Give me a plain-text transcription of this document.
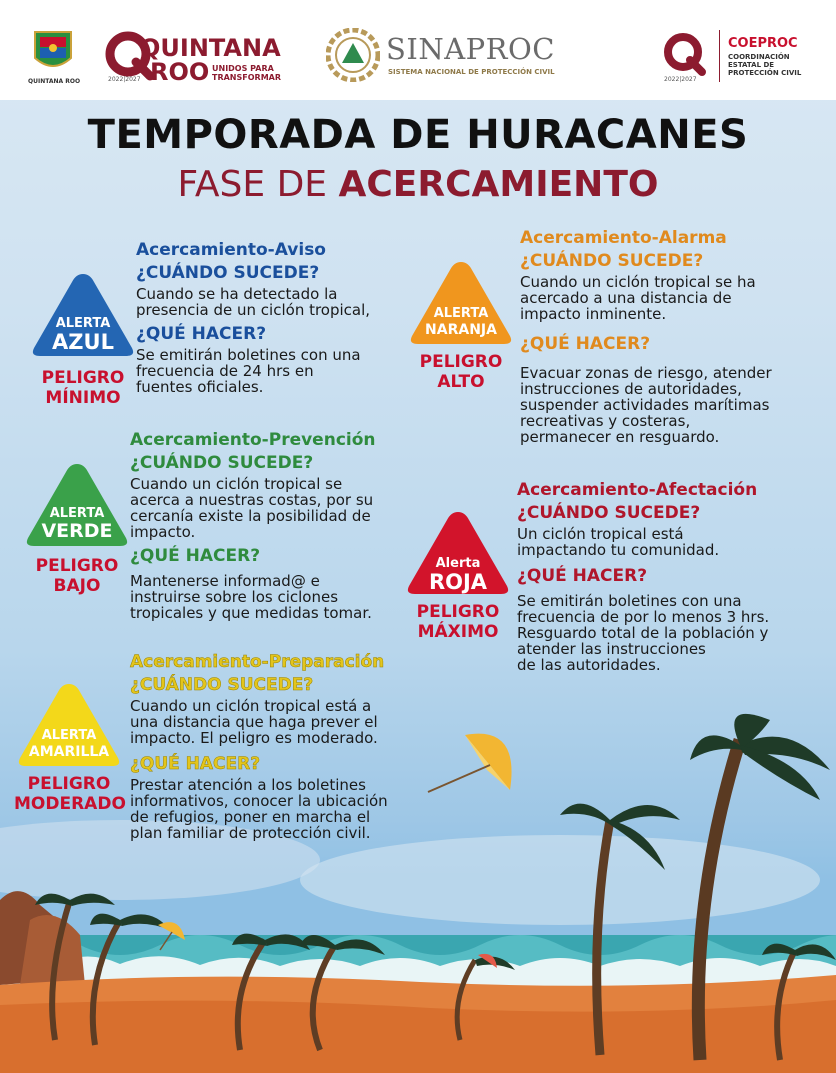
QUINTANA ROO
QUINTANA
ROO UNIDOS PARA
TRANSFORMAR
2022|2027
SINAPROC
SISTEMA NACIONAL DE PROTECCIÓN CIVIL
2022|2027
COEPROC
COORDINACIÓN
ESTATAL DE
PROTECCIÓN CIVIL
TEMPORADA DE HURACANES
FASE DE ACERCAMIENTO
ALERTA
AZUL
PELIGRO
MÍNIMO
Acercamiento-Aviso
¿CUÁNDO SUCEDE?
Cuando se ha detectado la
presencia de un ciclón tropical,
¿QUÉ HACER?
Se emitirán boletines con una
frecuencia de 24 hrs en
fuentes oficiales.
ALERTA
NARANJA
PELIGRO
ALTO
Acercamiento-Alarma
¿CUÁNDO SUCEDE?
Cuando un ciclón tropical se ha
acercado a una distancia de
impacto inminente.
¿QUÉ HACER?
Evacuar zonas de riesgo, atender
instrucciones de autoridades,
suspender actividades marítimas
recreativas y costeras,
permanecer en resguardo.
ALERTA
VERDE
PELIGRO
BAJO
Acercamiento-Prevención
¿CUÁNDO SUCEDE?
Cuando un ciclón tropical se
acerca a nuestras costas, por su
cercanía existe la posibilidad de
impacto.
¿QUÉ HACER?
Mantenerse informad@ e
instruirse sobre los ciclones
tropicales y que medidas tomar.
Alerta
ROJA
PELIGRO
MÁXIMO
Acercamiento-Afectación
¿CUÁNDO SUCEDE?
Un ciclón tropical está
impactando tu comunidad.
¿QUÉ HACER?
Se emitirán boletines con una
frecuencia de por lo menos 3 hrs.
Resguardo total de la población y
atender las instrucciones
de las autoridades.
ALERTA
AMARILLA
PELIGRO
MODERADO
Acercamiento-Preparación
¿CUÁNDO SUCEDE?
Cuando un ciclón tropical está a
una distancia que haga prever el
impacto. El peligro es moderado.
¿QUÉ HACER?
Prestar atención a los boletines
informativos, conocer la ubicación
de refugios, poner en marcha el
plan familiar de protección civil.
